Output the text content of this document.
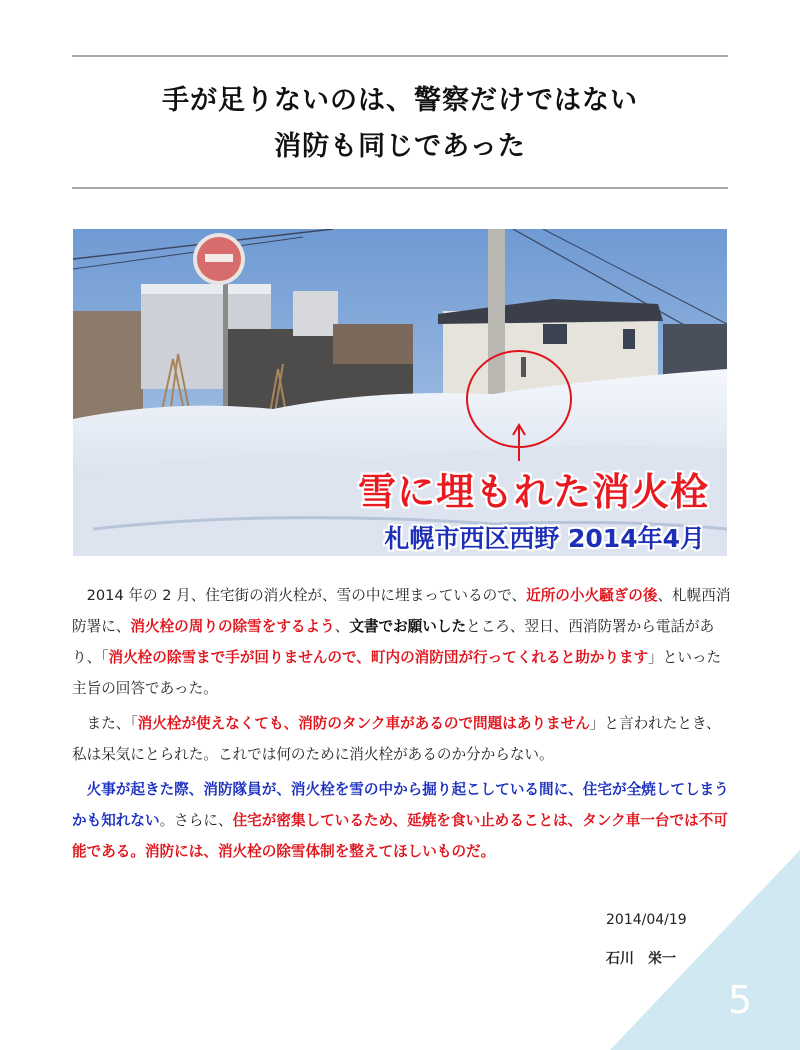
手が足りないのは、警察だけではない
消防も同じであった
雪に埋もれた消火栓
札幌市西区西野 2014年4月

2014 年の 2 月、住宅街の消火栓が、雪の中に埋まっているので、近所の小火騒ぎの後、札幌西消防署に、消火栓の周りの除雪をするよう、文書でお願いしたところ、翌日、西消防署から電話があり、「消火栓の除雪まで手が回りませんので、町内の消防団が行ってくれると助かります」といった主旨の回答であった。

また、「消火栓が使えなくても、消防のタンク車があるので問題はありません」と言われたとき、私は呆気にとられた。これでは何のために消火栓があるのか分からない。

火事が起きた際、消防隊員が、消火栓を雪の中から掘り起こしている間に、住宅が全焼してしまうかも知れない。さらに、住宅が密集しているため、延焼を食い止めることは、タンク車一台では不可能である。消防には、消火栓の除雪体制を整えてほしいものだ。

2014/04/19
石川　栄一
5
